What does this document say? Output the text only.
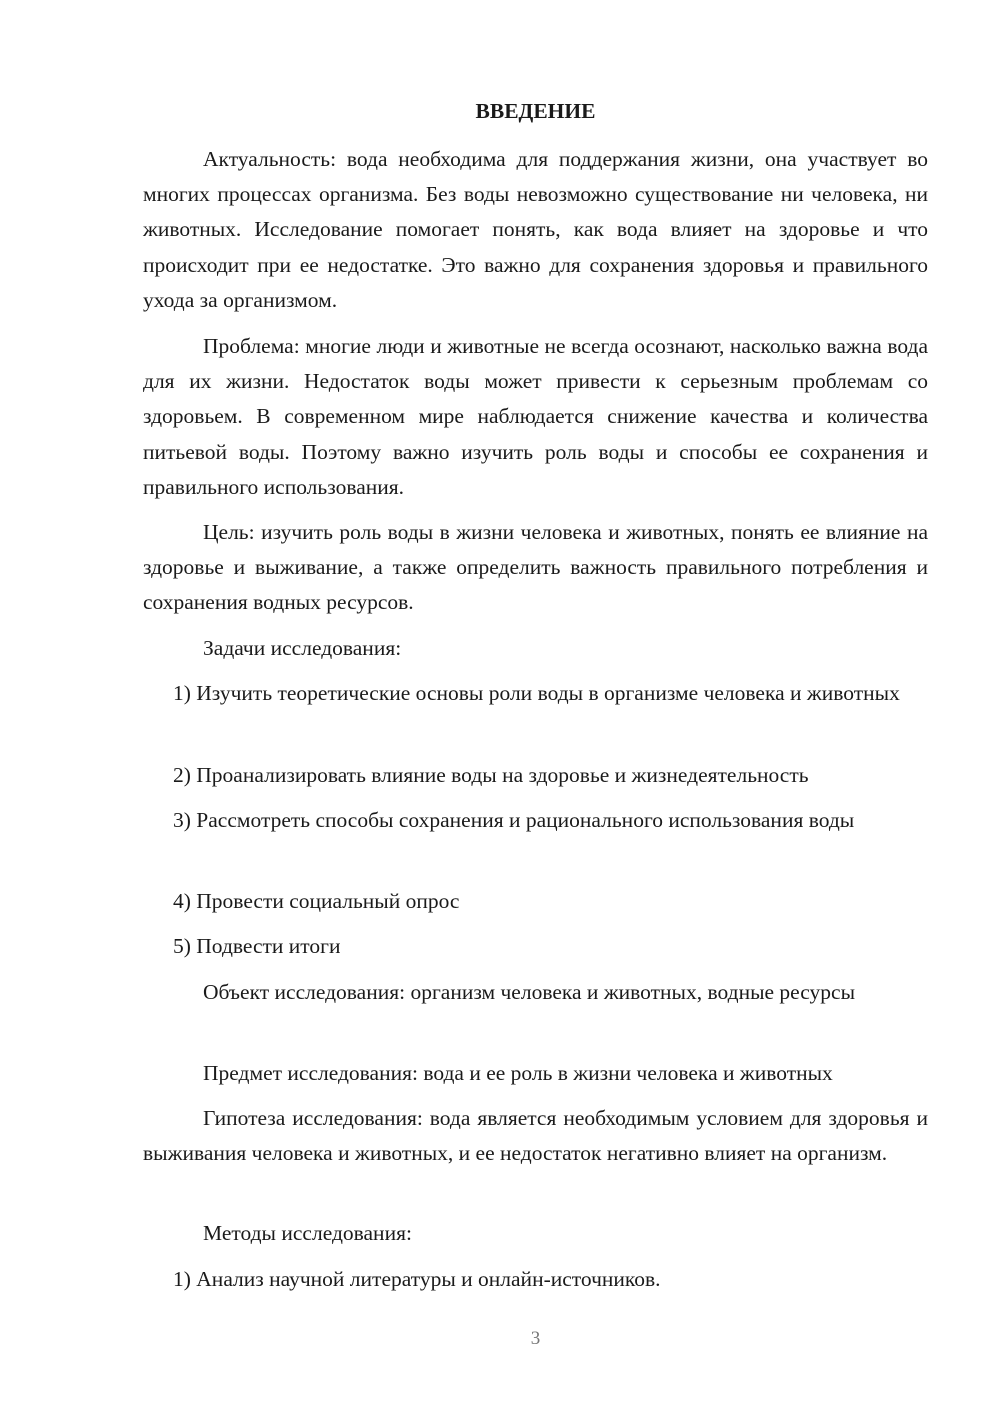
ВВЕДЕНИЕ

Актуальность: вода необходима для поддержания жизни, она участвует во многих процессах организма. Без воды невозможно существование ни человека, ни животных. Исследование помогает понять, как вода влияет на здоровье и что происходит при ее недостатке. Это важно для сохранения здоровья и правильного ухода за организмом.

Проблема: многие люди и животные не всегда осознают, насколько важна вода для их жизни. Недостаток воды может привести к серьезным проблемам со здоровьем. В современном мире наблюдается снижение качества и количества питьевой воды. Поэтому важно изучить роль воды и способы ее сохранения и правильного использования.

Цель: изучить роль воды в жизни человека и животных, понять ее влияние на здоровье и выживание, а также определить важность правильного потребления и сохранения водных ресурсов.

Задачи исследования:

1) Изучить теоретические основы роли воды в организме человека и животных

2) Проанализировать влияние воды на здоровье и жизнедеятельность

3) Рассмотреть способы сохранения и рационального использования воды

4) Провести социальный опрос

5) Подвести итоги

Объект исследования: организм человека и животных, водные ресурсы

Предмет исследования: вода и ее роль в жизни человека и животных

Гипотеза исследования: вода является необходимым условием для здоровья и выживания человека и животных, и ее недостаток негативно влияет на организм.

Методы исследования:

1) Анализ научной литературы и онлайн-источников.

3
